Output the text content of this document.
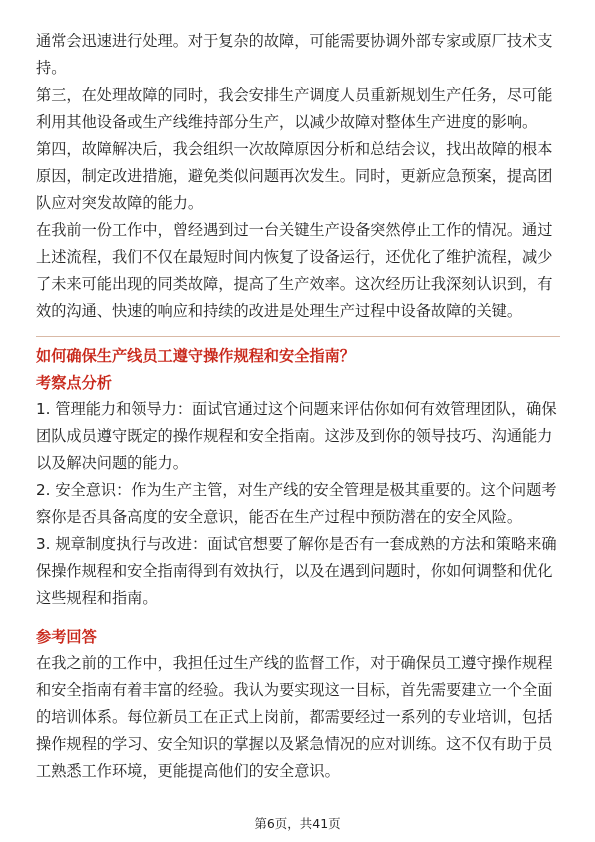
通常会迅速进行处理。对于复杂的故障，可能需要协调外部专家或原厂技术支持。

第三，在处理故障的同时，我会安排生产调度人员重新规划生产任务，尽可能利用其他设备或生产线维持部分生产，以减少故障对整体生产进度的影响。

第四，故障解决后，我会组织一次故障原因分析和总结会议，找出故障的根本原因，制定改进措施，避免类似问题再次发生。同时，更新应急预案，提高团队应对突发故障的能力。

在我前一份工作中，曾经遇到过一台关键生产设备突然停止工作的情况。通过上述流程，我们不仅在最短时间内恢复了设备运行，还优化了维护流程，减少了未来可能出现的同类故障，提高了生产效率。这次经历让我深刻认识到，有效的沟通、快速的响应和持续的改进是处理生产过程中设备故障的关键。

如何确保生产线员工遵守操作规程和安全指南？

考察点分析

1. 管理能力和领导力：面试官通过这个问题来评估你如何有效管理团队，确保团队成员遵守既定的操作规程和安全指南。这涉及到你的领导技巧、沟通能力以及解决问题的能力。

2. 安全意识：作为生产主管，对生产线的安全管理是极其重要的。这个问题考察你是否具备高度的安全意识，能否在生产过程中预防潜在的安全风险。

3. 规章制度执行与改进：面试官想要了解你是否有一套成熟的方法和策略来确保操作规程和安全指南得到有效执行，以及在遇到问题时，你如何调整和优化这些规程和指南。

参考回答

在我之前的工作中，我担任过生产线的监督工作，对于确保员工遵守操作规程和安全指南有着丰富的经验。我认为要实现这一目标，首先需要建立一个全面的培训体系。每位新员工在正式上岗前，都需要经过一系列的专业培训，包括操作规程的学习、安全知识的掌握以及紧急情况的应对训练。这不仅有助于员工熟悉工作环境，更能提高他们的安全意识。

第6页，共41页
